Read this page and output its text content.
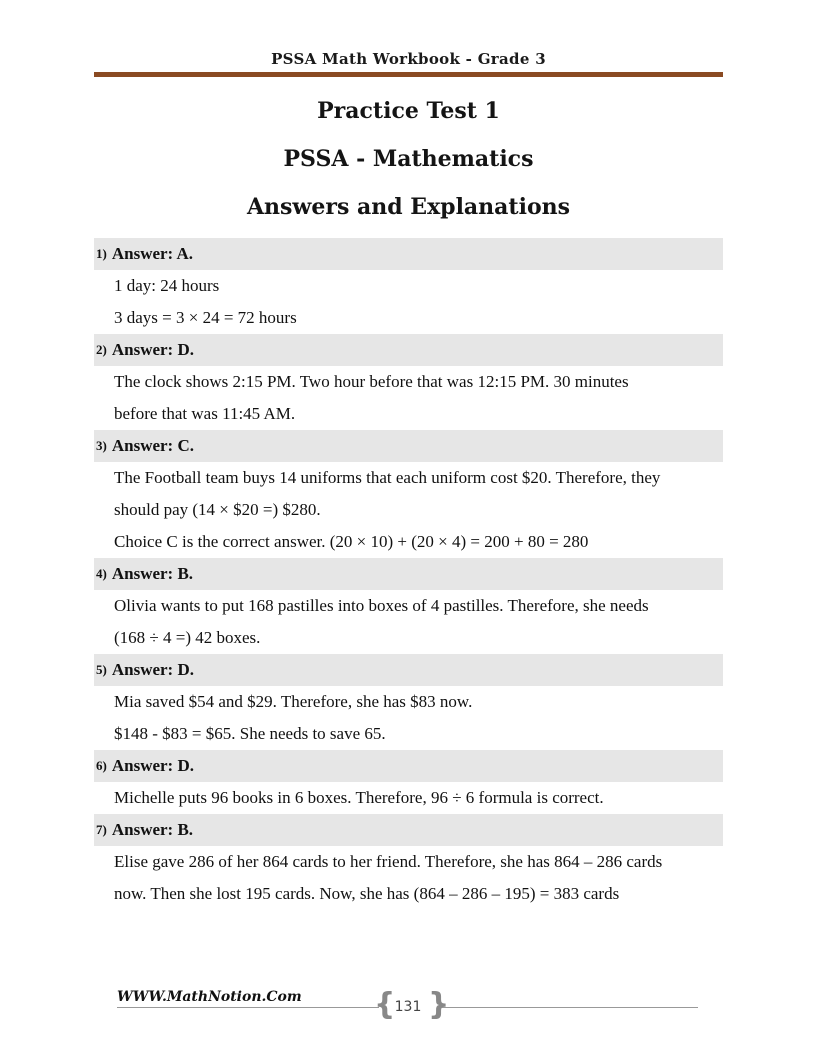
PSSA Math Workbook - Grade 3
Practice Test 1
PSSA - Mathematics
Answers and Explanations
1) Answer: A.
1 day: 24 hours
3 days = 3 × 24 = 72 hours
2) Answer: D.
The clock shows 2:15 PM. Two hour before that was 12:15 PM. 30 minutes
before that was 11:45 AM.
3) Answer: C.
The Football team buys 14 uniforms that each uniform cost $20. Therefore, they
should pay (14 × $20 =) $280.
Choice C is the correct answer. (20 × 10) + (20 × 4) = 200 + 80 = 280
4) Answer: B.
Olivia wants to put 168 pastilles into boxes of 4 pastilles. Therefore, she needs
(168 ÷ 4 =) 42 boxes.
5) Answer: D.
Mia saved $54 and $29. Therefore, she has $83 now.
$148 - $83 = $65. She needs to save 65.
6) Answer: D.
Michelle puts 96 books in 6 boxes. Therefore, 96 ÷ 6 formula is correct.
7) Answer: B.
Elise gave 286 of her 864 cards to her friend. Therefore, she has 864 – 286 cards
now. Then she lost 195 cards. Now, she has (864 – 286 – 195) = 383 cards
WWW.MathNotion.Com { }
131
